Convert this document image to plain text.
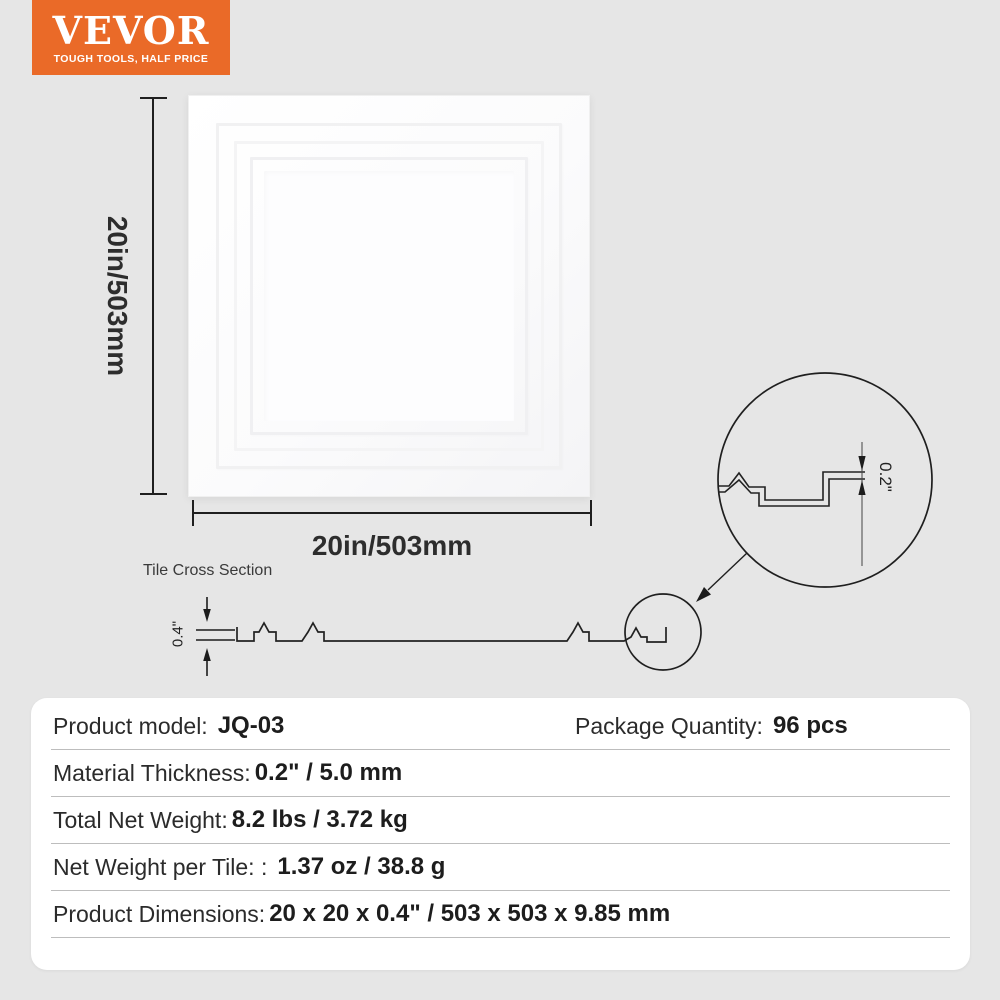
VEVOR
TOUGH TOOLS, HALF PRICE
20in/503mm
20in/503mm
Tile Cross Section
0.4"
0.2"
Product model: JQ-03	Package Quantity: 96 pcs
Material Thickness: 0.2" / 5.0 mm
Total Net Weight: 8.2 lbs / 3.72 kg
Net Weight per Tile: : 1.37 oz / 38.8 g
Product Dimensions: 20 x 20 x 0.4" / 503 x 503 x 9.85 mm
